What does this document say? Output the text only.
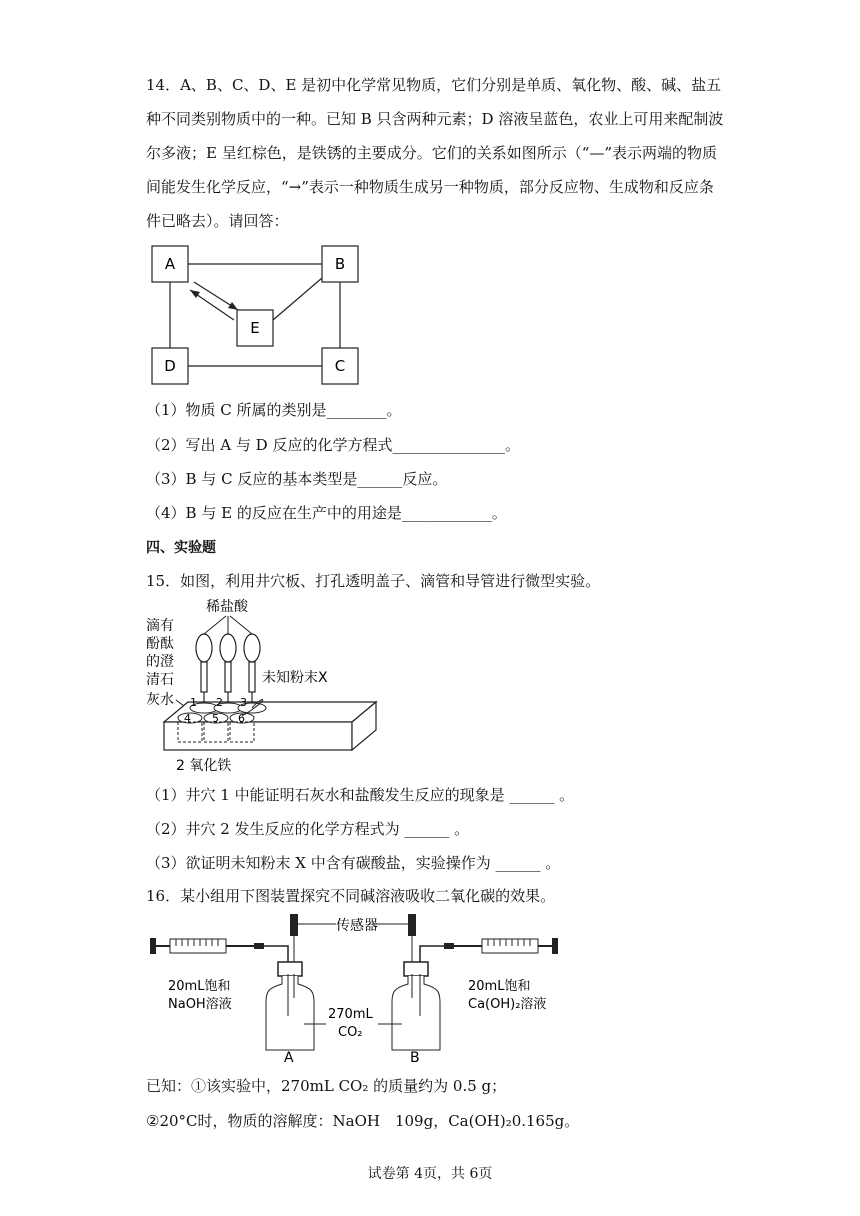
14．A、B、C、D、E 是初中化学常见物质，它们分别是单质、氧化物、酸、碱、盐五种不同类别物质中的一种。已知 B 只含两种元素；D 溶液呈蓝色，农业上可用来配制波尔多液；E 呈红棕色，是铁锈的主要成分。它们的关系如图所示（“—”表示两端的物质间能发生化学反应，“→”表示一种物质生成另一种物质，部分反应物、生成物和反应条件已略去）。请回答：

A	B
E
D	C

（1）物质 C 所属的类别是________。

（2）写出 A 与 D 反应的化学方程式_______________。

（3）B 与 C 反应的基本类型是______反应。

（4）B 与 E 的反应在生产中的用途是____________。

四、实验题

15．如图，利用井穴板、打孔透明盖子、滴管和导管进行微型实验。

稀盐酸
滴有
酚酞
的澄
清石
灰水
未知粉末X
1 2 3
4 5 6
2 氧化铁

（1）井穴 1 中能证明石灰水和盐酸发生反应的现象是 ______ 。

（2）井穴 2 发生反应的化学方程式为 ______ 。

（3）欲证明未知粉末 X 中含有碳酸盐，实验操作为 ______ 。

16．某小组用下图装置探究不同碱溶液吸收二氧化碳的效果。

传感器
20mL饱和
NaOH溶液
20mL饱和
Ca(OH)₂溶液
270mL
CO₂
A	B

已知：①该实验中，270mL CO₂ 的质量约为 0.5 g；

②20°C时，物质的溶解度：NaOH　109g，Ca(OH)₂0.165g。

试卷第 4页，共 6页
